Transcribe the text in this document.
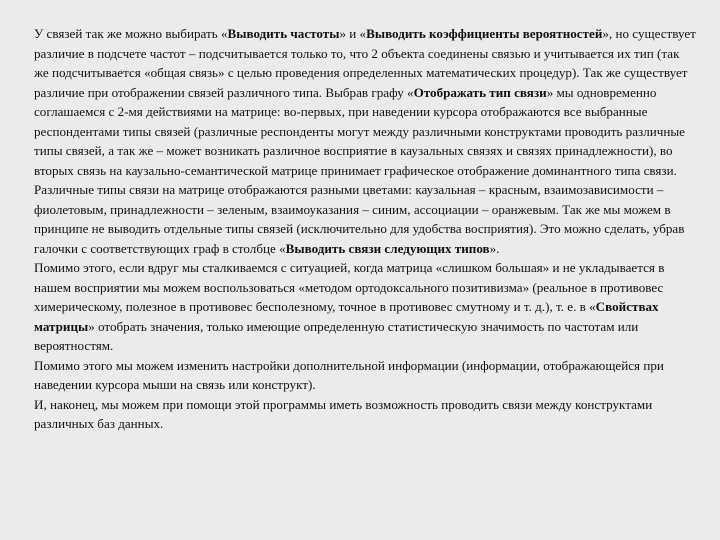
У связей так же можно выбирать «Выводить частоты» и «Выводить коэффициенты вероятностей», но существует различие в подсчете частот – подсчитывается только то, что 2 объекта соединены связью и учитывается их тип (так же подсчитывается «общая связь» с целью проведения определенных математических процедур). Так же существует различие при отображении связей различного типа. Выбрав графу «Отображать тип связи» мы одновременно соглашаемся с 2-мя действиями на матрице: во-первых, при наведении курсора отображаются все выбранные респондентами типы связей (различные респонденты могут между различными конструктами проводить различные типы связей, а так же – может возникать различное восприятие в каузальных связях и связях принадлежности), во вторых связь на каузально-семантической матрице принимает графическое отображение доминантного типа связи. Различные типы связи на матрице отображаются разными цветами: каузальная – красным, взаимозависимости – фиолетовым, принадлежности – зеленым, взаимоуказания – синим, ассоциации – оранжевым. Так же мы можем в принципе не выводить отдельные типы связей (исключительно для удобства восприятия). Это можно сделать, убрав галочки с соответствующих граф в столбце «Выводить связи следующих типов».

Помимо этого, если вдруг мы сталкиваемся с ситуацией, когда матрица «слишком большая» и не укладывается в нашем восприятии мы можем воспользоваться «методом ортодоксального позитивизма» (реальное в противовес химерическому, полезное в противовес бесполезному, точное в противовес смутному и т. д.), т. е. в «Свойствах матрицы» отобрать значения, только имеющие определенную статистическую значимость по частотам или вероятностям.

Помимо этого мы можем изменить настройки дополнительной информации (информации, отображающейся при наведении курсора мыши на связь или конструкт).

И, наконец, мы можем при помощи этой программы иметь возможность проводить связи между конструктами различных баз данных.
